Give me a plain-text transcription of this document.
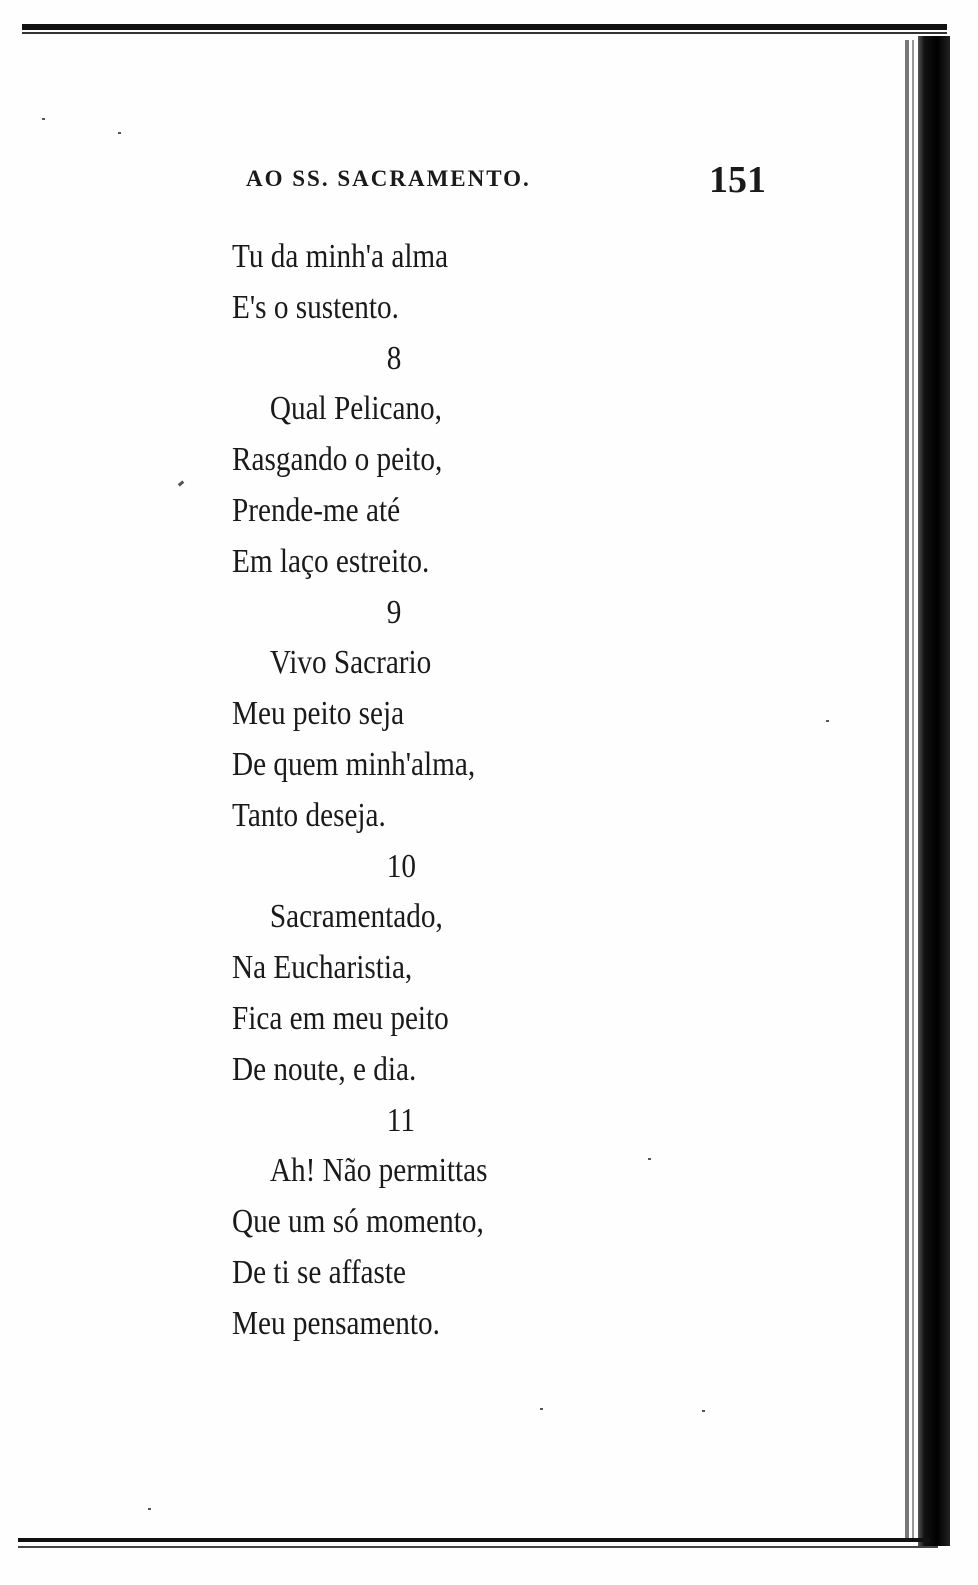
AO SS. SACRAMENTO.	151
Tu da minh'a alma
E's o sustento.
8
Qual Pelicano,
Rasgando o peito,
Prende-me até
Em laço estreito.
9
Vivo Sacrario
Meu peito seja
De quem minh'alma,
Tanto deseja.
10
Sacramentado,
Na Eucharistia,
Fica em meu peito
De noute, e dia.
11
Ah! Não permittas
Que um só momento,
De ti se affaste
Meu pensamento.
